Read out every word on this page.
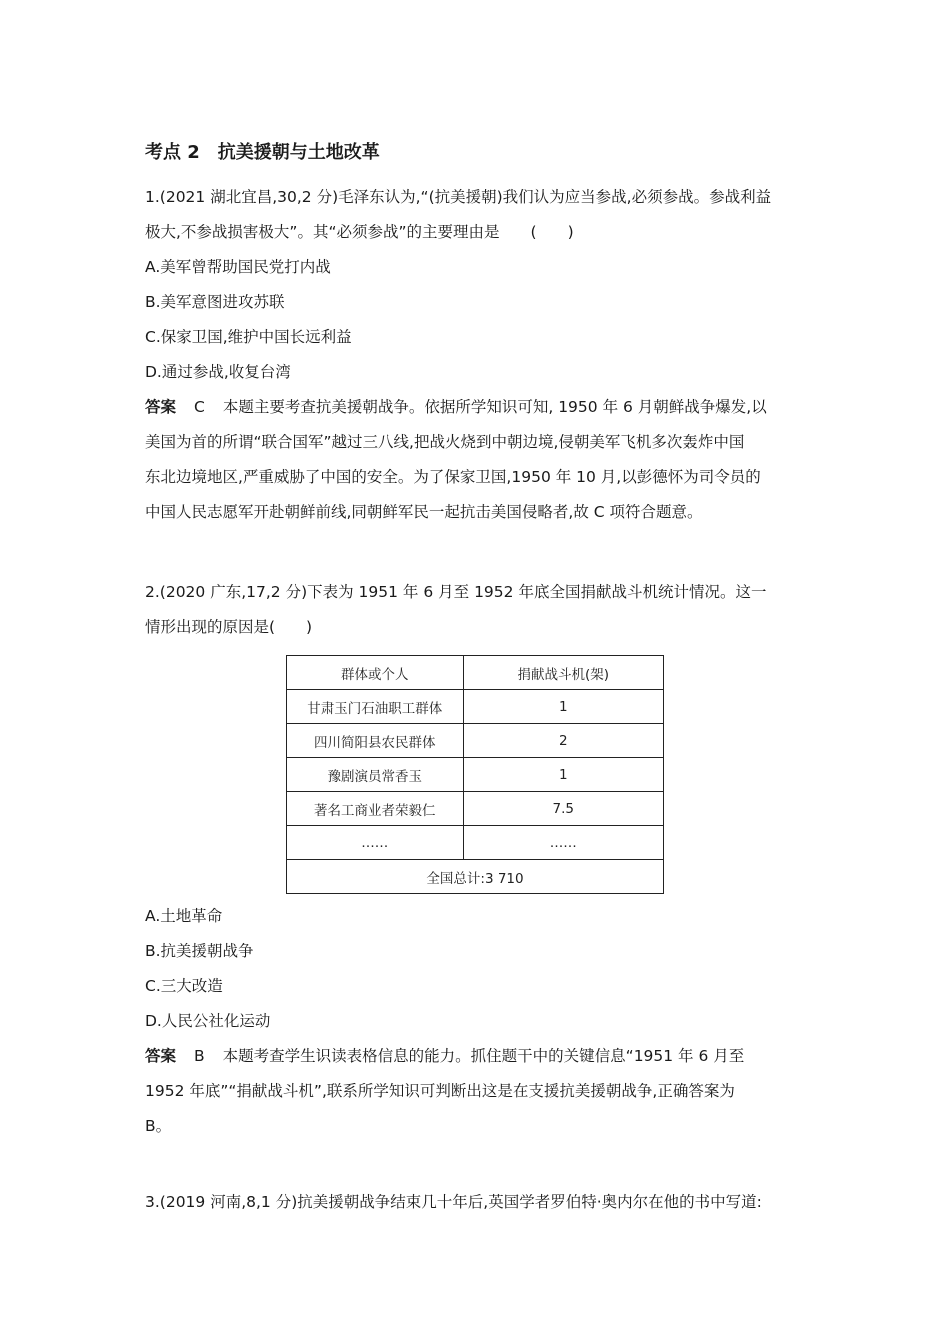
考点 2　抗美援朝与土地改革
1.(2021 湖北宜昌,30,2 分)毛泽东认为,“(抗美援朝)我们认为应当参战,必须参战。参战利益
极大,不参战损害极大”。其“必须参战”的主要理由是　　(　　)
A.美军曾帮助国民党打内战
B.美军意图进攻苏联
C.保家卫国,维护中国长远利益
D.通过参战,收复台湾
答案 C 本题主要考查抗美援朝战争。依据所学知识可知, 1950 年 6 月朝鲜战争爆发,以
美国为首的所谓“联合国军”越过三八线,把战火烧到中朝边境,侵朝美军飞机多次轰炸中国
东北边境地区,严重威胁了中国的安全。为了保家卫国,1950 年 10 月,以彭德怀为司令员的
中国人民志愿军开赴朝鲜前线,同朝鲜军民一起抗击美国侵略者,故 C 项符合题意。
2.(2020 广东,17,2 分)下表为 1951 年 6 月至 1952 年底全国捐献战斗机统计情况。这一
情形出现的原因是(　　)
群体或个人	捐献战斗机(架)
甘肃玉门石油职工群体	1
四川简阳县农民群体	2
豫剧演员常香玉	1
著名工商业者荣毅仁	7.5
……	……
全国总计:3 710	
A.土地革命
B.抗美援朝战争
C.三大改造
D.人民公社化运动
答案 B 本题考查学生识读表格信息的能力。抓住题干中的关键信息“1951 年 6 月至
1952 年底”“捐献战斗机”,联系所学知识可判断出这是在支援抗美援朝战争,正确答案为
B。
3.(2019 河南,8,1 分)抗美援朝战争结束几十年后,英国学者罗伯特·奥内尔在他的书中写道:
